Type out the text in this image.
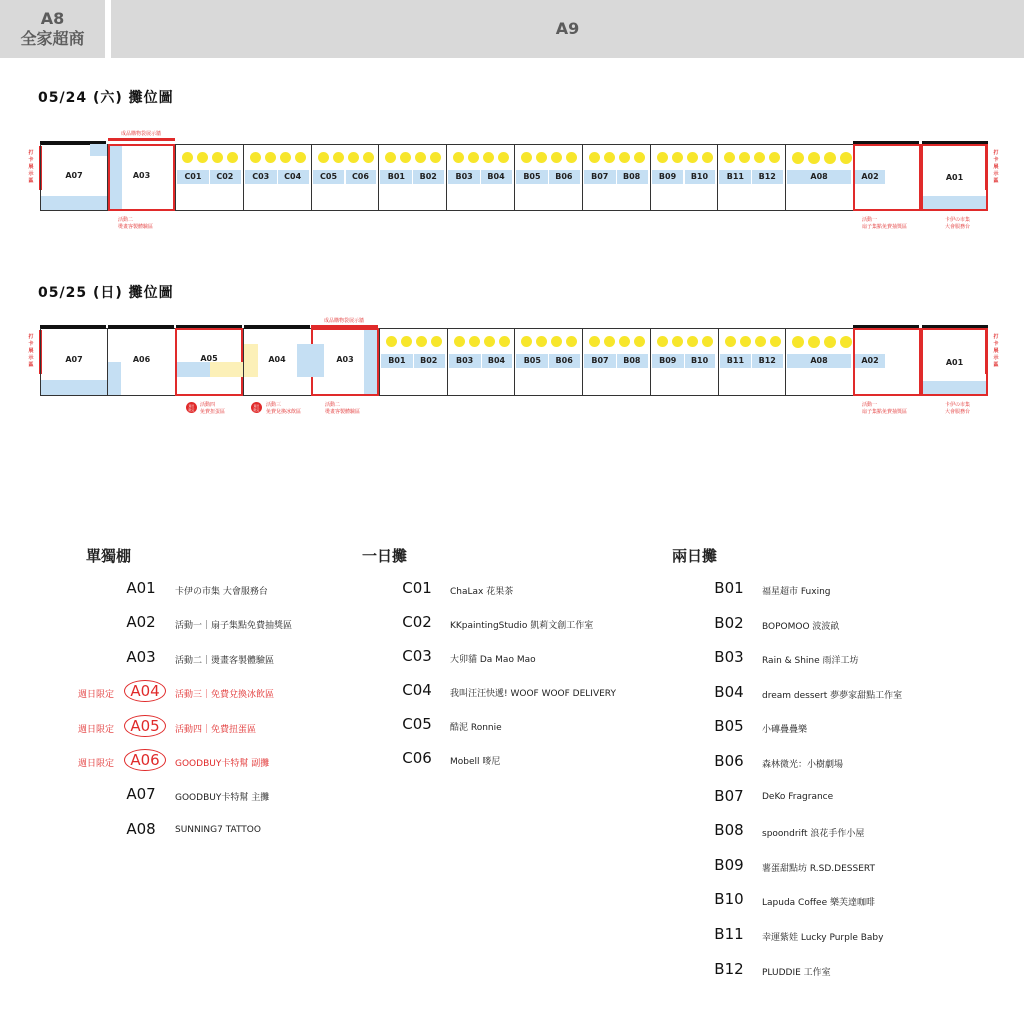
A8
全家超商
A9
05/24 (六) 攤位圖
成品購物袋展示牆
打卡展示區
打卡展示區
A07	A03	C01	C02	C03	C04	C05	C06	B01	B02	B03	B04	B05	B06	B07	B08	B09	B10	B11	B12	A08	A02	A01
活動二
燙畫客製體驗區
活動一
扇子集點免費抽獎區
卡伊の市集
大會服務台
05/25 (日) 攤位圖
成品購物袋展示牆
打卡展示區
打卡展示區
A07	A06	A05	A04	A03	B01	B02	B03	B04	B05	B06	B07	B08	B09	B10	B11	B12	A08	A02	A01
週日
限定
活動四
免費扭蛋區
週日
限定
活動三
免費兌換冰飲區
活動二
燙畫客製體驗區
活動一
扇子集點免費抽獎區
卡伊の市集
大會服務台
單獨棚	一日攤	兩日攤
A01 卡伊の市集 大會服務台
A02 活動一｜扇子集點免費抽獎區
A03 活動二｜燙畫客製體驗區
週日限定	A04	活動三｜免費兌換冰飲區
週日限定	A05	活動四｜免費扭蛋區
週日限定	A06	GOODBUY卡特幫 副攤
A07 GOODBUY卡特幫 主攤
A08 SUNNING7 TATTOO
C01 ChaLax 花果茶
C02 KKpaintingStudio 凱莉文創工作室
C03 大卯貓 Da Mao Mao
C04 我叫汪汪快遞! WOOF WOOF DELIVERY
C05 酷泥 Ronnie
C06 Mobell 嘜尼
B01 福星超市 Fuxing
B02 BOPOMOO 波波畝
B03 Rain & Shine 雨洋工坊
B04 dream dessert 夢夢家甜點工作室
B05 小磚疊疊樂
B06 森林微光：小樹劇場
B07 DeKo Fragrance
B08 spoondrift 浪花手作小屋
B09 薯蛋甜點坊 R.SD.DESSERT
B10 Lapuda Coffee 樂芙達咖啡
B11 幸運紫娃 Lucky Purple Baby
B12 PLUDDIE 工作室
